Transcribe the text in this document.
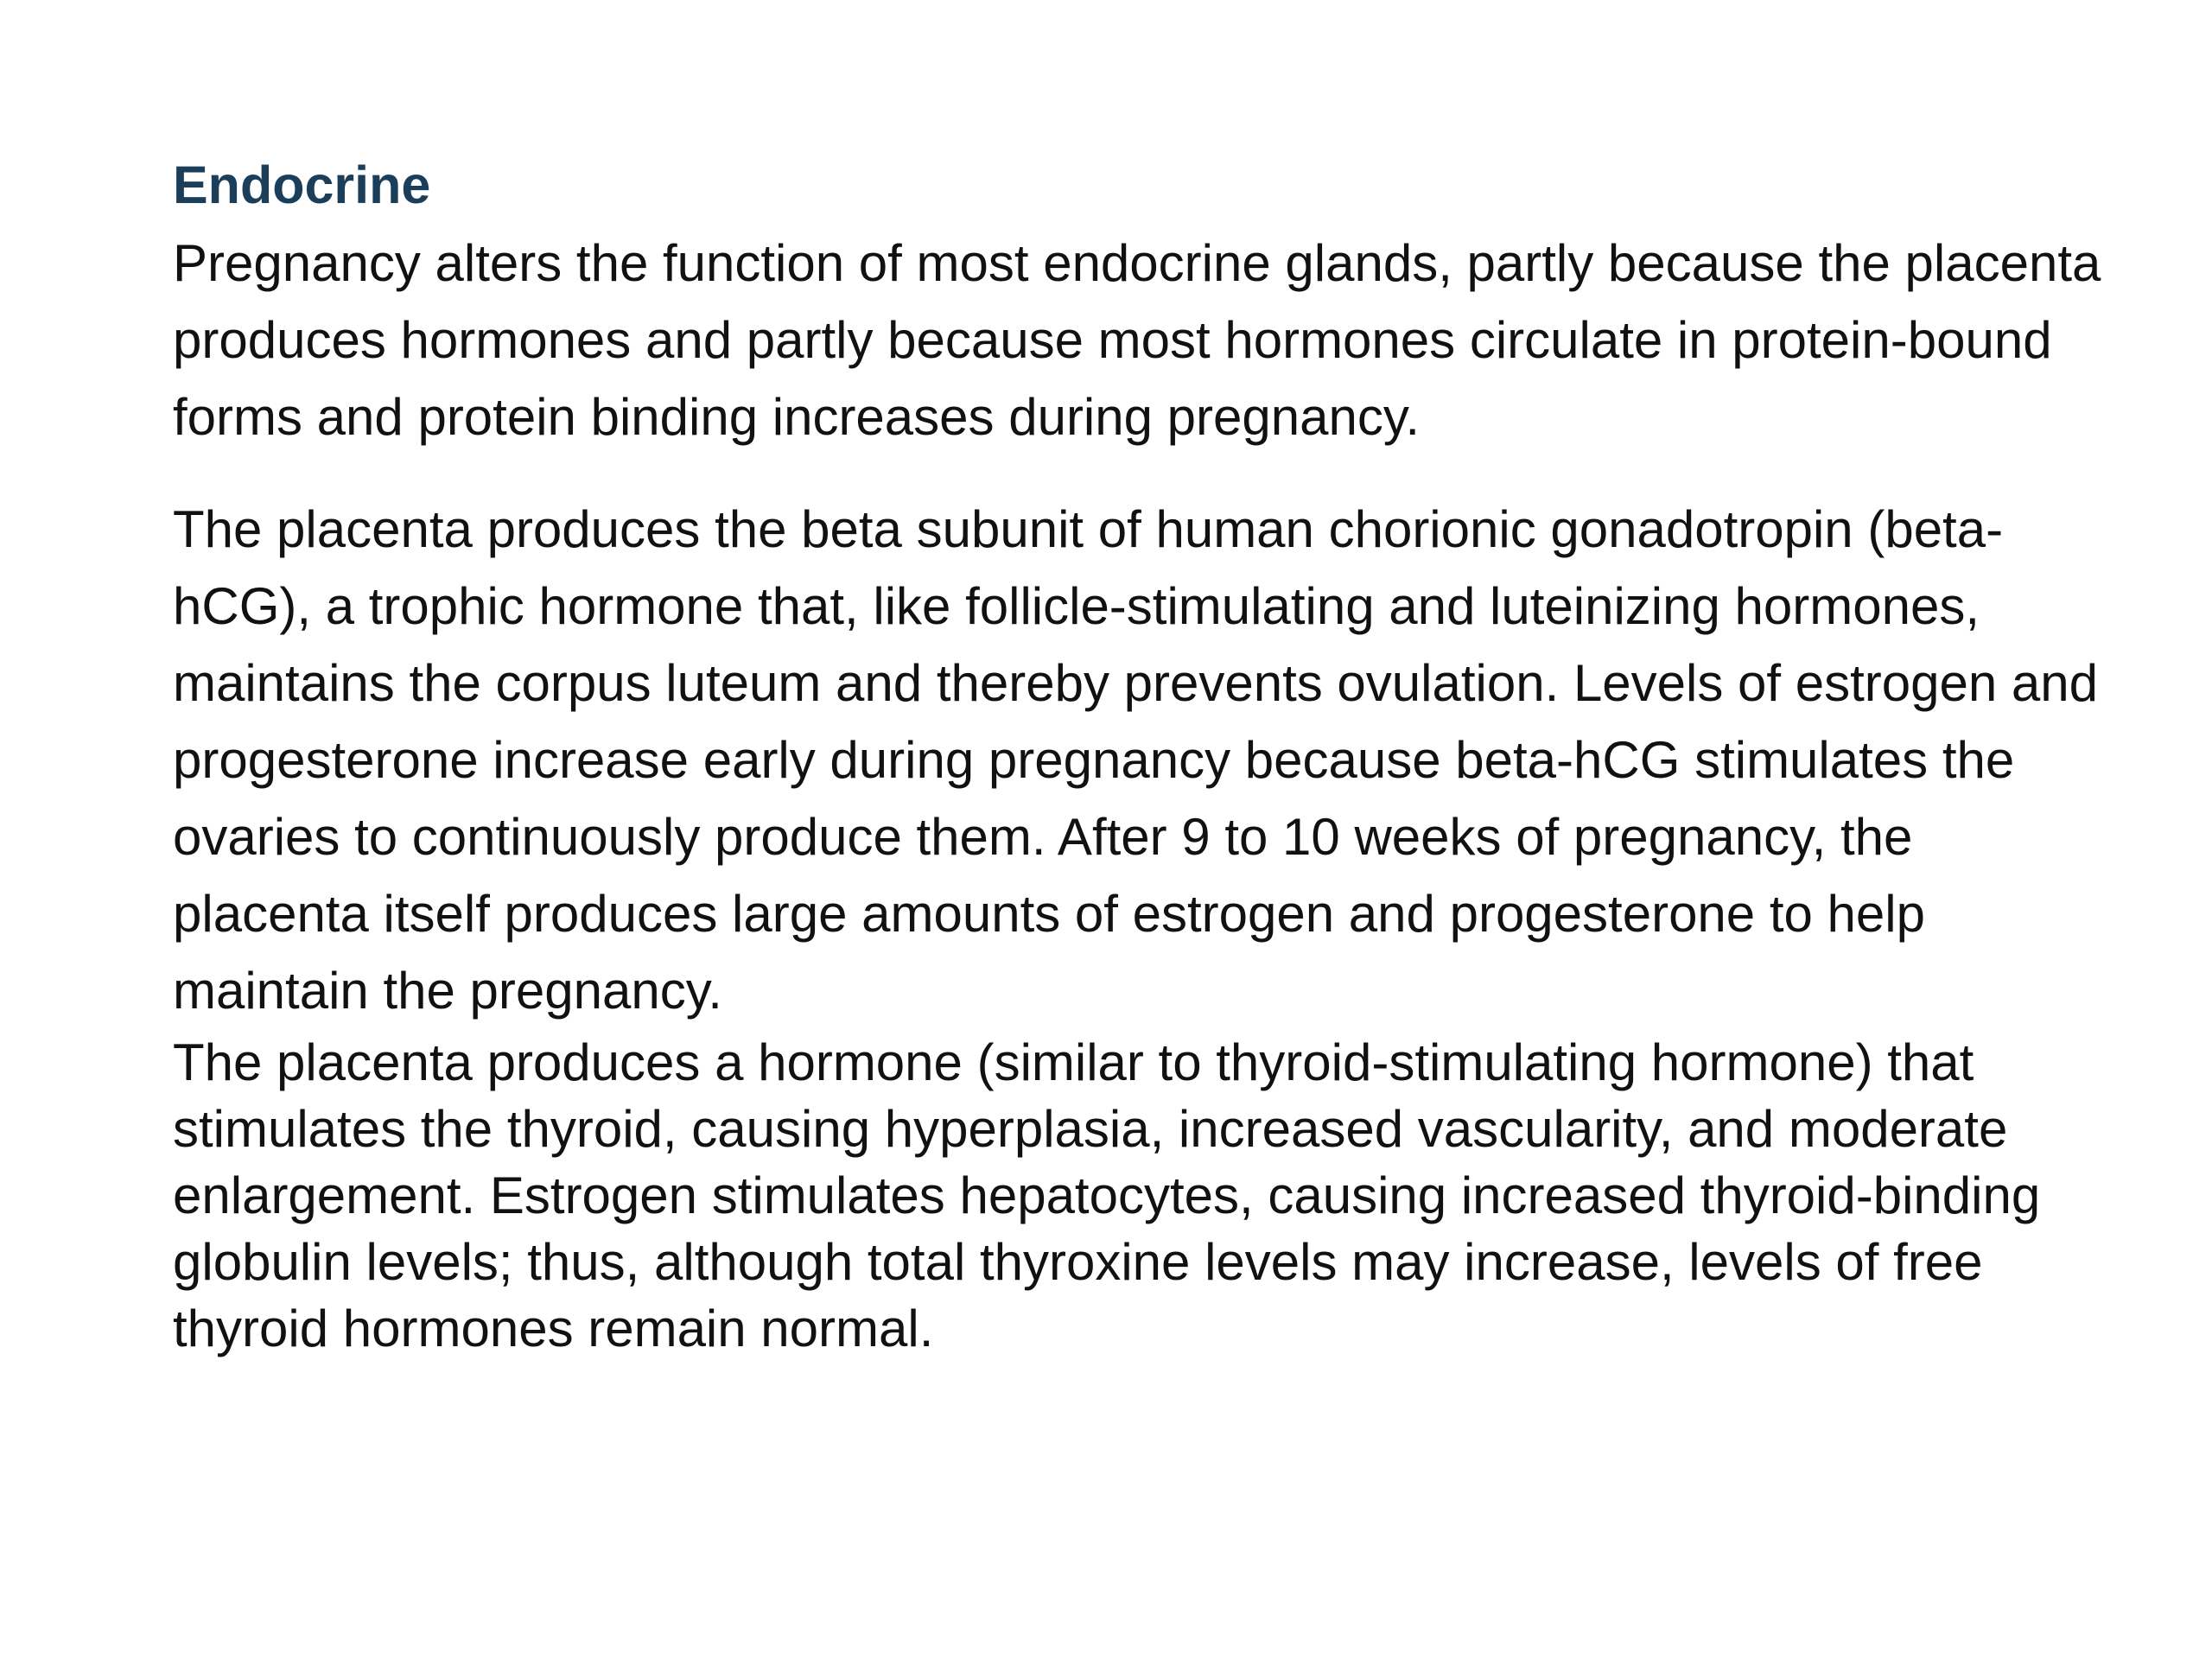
Endocrine

Pregnancy alters the function of most endocrine glands, partly because the placenta produces hormones and partly because most hormones circulate in protein-bound forms and protein binding increases during pregnancy.

The placenta produces the beta subunit of human chorionic gonadotropin (beta-hCG), a trophic hormone that, like follicle-stimulating and luteinizing hormones, maintains the corpus luteum and thereby prevents ovulation. Levels of estrogen and progesterone increase early during pregnancy because beta-hCG stimulates the ovaries to continuously produce them. After 9 to 10 weeks of pregnancy, the placenta itself produces large amounts of estrogen and progesterone to help maintain the pregnancy.

The placenta produces a hormone (similar to thyroid-stimulating hormone) that stimulates the thyroid, causing hyperplasia, increased vascularity, and moderate enlargement. Estrogen stimulates hepatocytes, causing increased thyroid-binding globulin levels; thus, although total thyroxine levels may increase, levels of free thyroid hormones remain normal.
